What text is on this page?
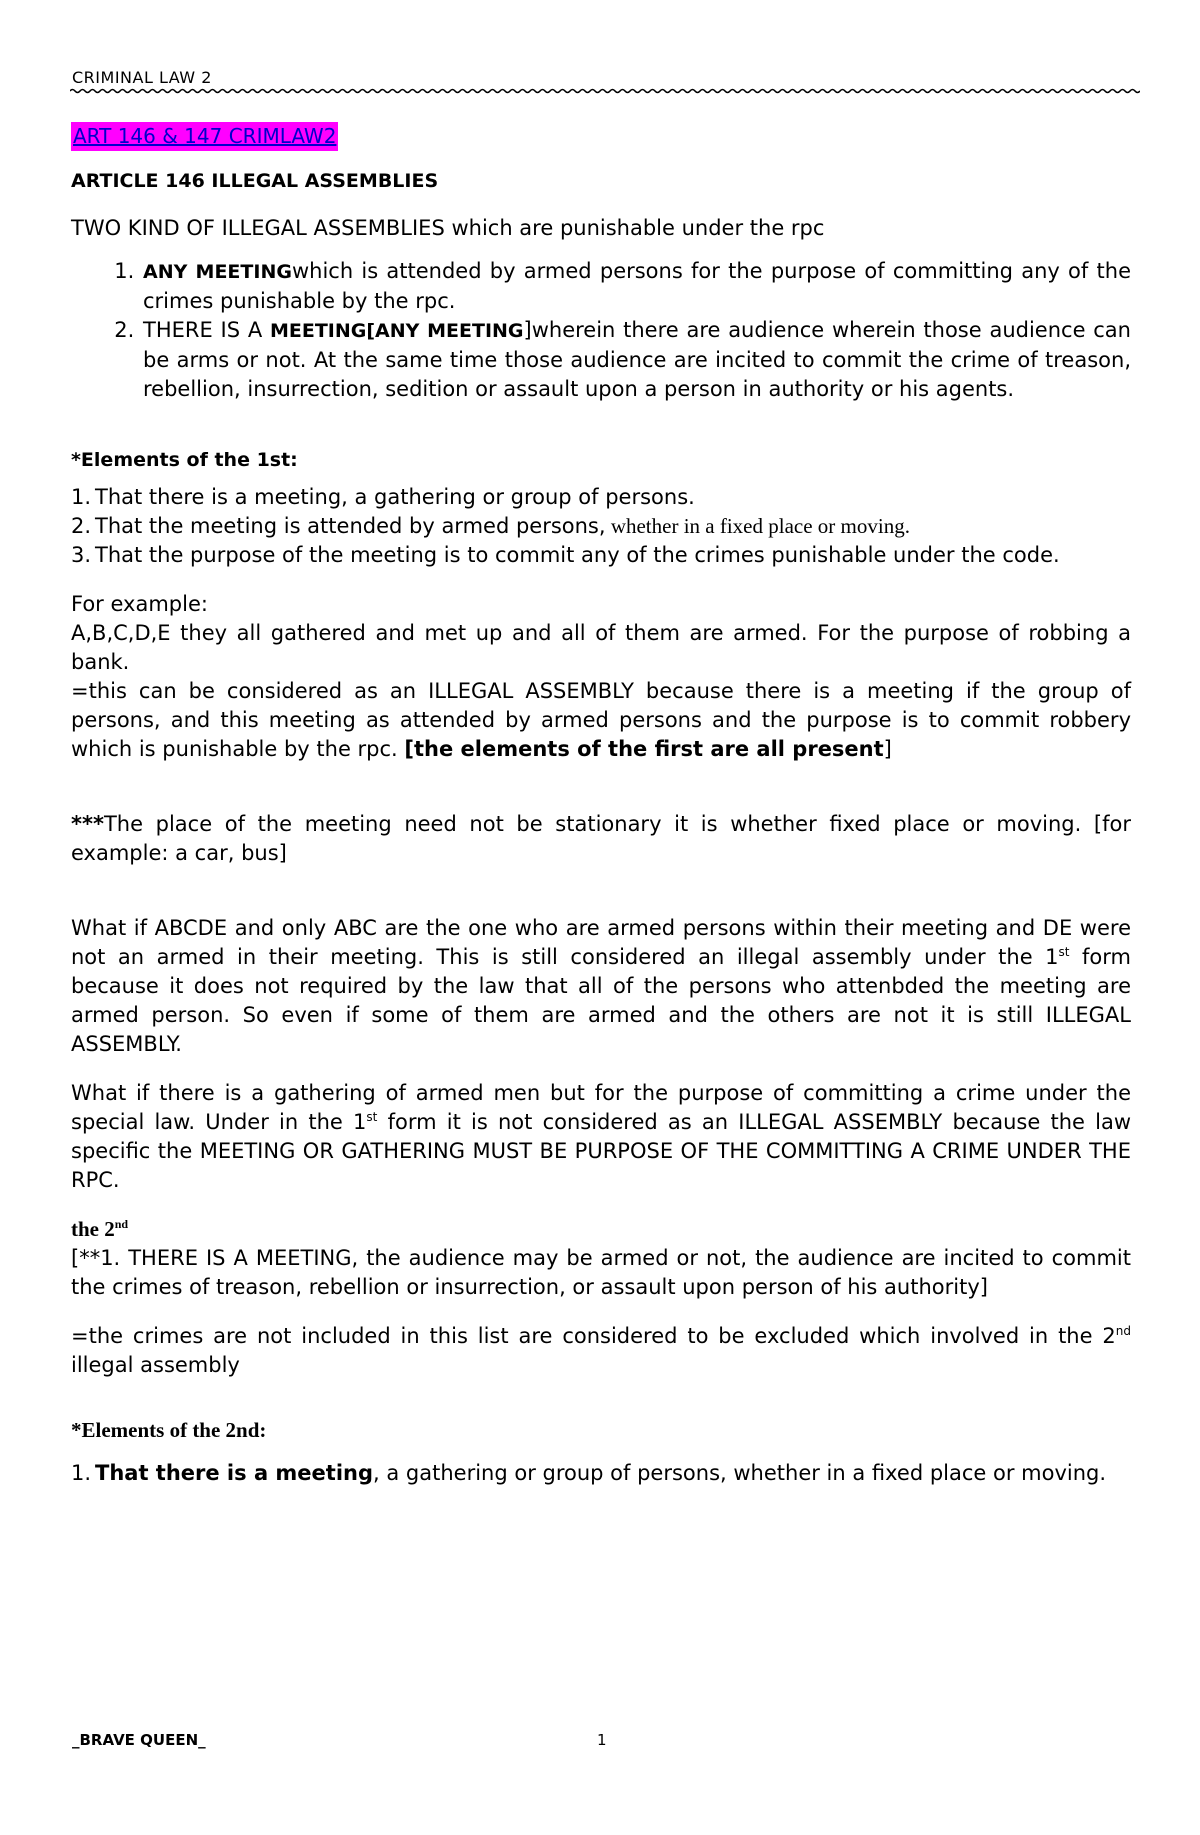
CRIMINAL LAW 2

ART 146 & 147 CRIMLAW2

ARTICLE 146 ILLEGAL ASSEMBLIES

TWO KIND OF ILLEGAL ASSEMBLIES which are punishable under the rpc

1. ANY MEETINGwhich is attended by armed persons for the purpose of committing any of the crimes punishable by the rpc.
2. THERE IS A MEETING[ANY MEETING]wherein there are audience wherein those audience can be arms or not. At the same time those audience are incited to commit the crime of treason, rebellion, insurrection, sedition or assault upon a person in authority or his agents.

*Elements of the 1st:

1. That there is a meeting, a gathering or group of persons.
2. That the meeting is attended by armed persons, whether in a fixed place or moving.
3. That the purpose of the meeting is to commit any of the crimes punishable under the code.

For example:

A,B,C,D,E they all gathered and met up and all of them are armed. For the purpose of robbing a bank.

=this can be considered as an ILLEGAL ASSEMBLY because there is a meeting if the group of persons, and this meeting as attended by armed persons and the purpose is to commit robbery which is punishable by the rpc. [the elements of the first are all present]

***The place of the meeting need not be stationary it is whether fixed place or moving. [for example: a car, bus]

What if ABCDE and only ABC are the one who are armed persons within their meeting and DE were not an armed in their meeting. This is still considered an illegal assembly under the 1st form because it does not required by the law that all of the persons who attenbded the meeting are armed person. So even if some of them are armed and the others are not it is still ILLEGAL ASSEMBLY.

What if there is a gathering of armed men but for the purpose of committing a crime under the special law. Under in the 1st form it is not considered as an ILLEGAL ASSEMBLY because the law specific the MEETING OR GATHERING MUST BE PURPOSE OF THE COMMITTING A CRIME UNDER THE RPC.

the 2nd

[**1. THERE IS A MEETING, the audience may be armed or not, the audience are incited to commit the crimes of treason, rebellion or insurrection, or assault upon person of his authority]

=the crimes are not included in this list are considered to be excluded which involved in the 2nd illegal assembly

*Elements of the 2nd:

1. That there is a meeting, a gathering or group of persons, whether in a fixed place or moving.
_BRAVE QUEEN_	1
